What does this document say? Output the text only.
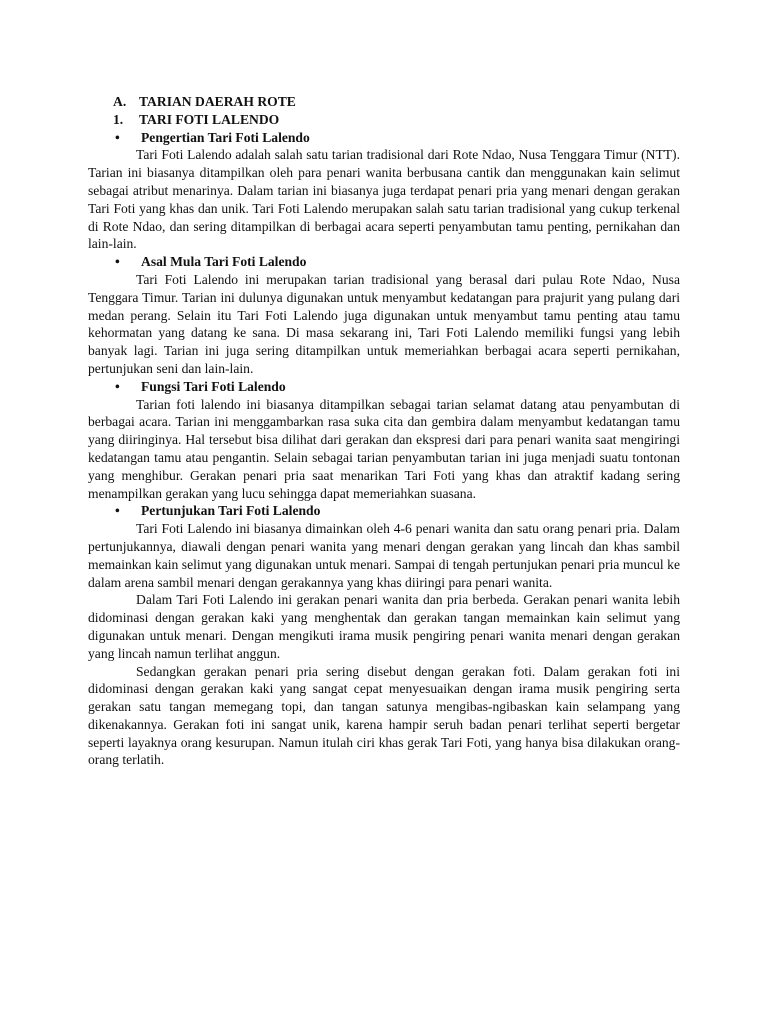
A. TARIAN DAERAH ROTE
1.	TARI FOTI LALENDO
•	Pengertian Tari Foti Lalendo

Tari Foti Lalendo adalah salah satu tarian tradisional dari Rote Ndao, Nusa Tenggara Timur (NTT). Tarian ini biasanya ditampilkan oleh para penari wanita berbusana cantik dan menggunakan kain selimut sebagai atribut menarinya. Dalam tarian ini biasanya juga terdapat penari pria yang menari dengan gerakan Tari Foti yang khas dan unik. Tari Foti Lalendo merupakan salah satu tarian tradisional yang cukup terkenal di Rote Ndao, dan sering ditampilkan di berbagai acara seperti penyambutan tamu penting, pernikahan dan lain-lain.

•	Asal Mula Tari Foti Lalendo

Tari Foti Lalendo ini merupakan tarian tradisional yang berasal dari pulau Rote Ndao, Nusa Tenggara Timur. Tarian ini dulunya digunakan untuk menyambut kedatangan para prajurit yang pulang dari medan perang. Selain itu Tari Foti Lalendo juga digunakan untuk menyambut tamu penting atau tamu kehormatan yang datang ke sana. Di masa sekarang ini, Tari Foti Lalendo memiliki fungsi yang lebih banyak lagi. Tarian ini juga sering ditampilkan untuk memeriahkan berbagai acara seperti pernikahan, pertunjukan seni dan lain-lain.

•	Fungsi Tari Foti Lalendo

Tarian foti lalendo ini biasanya ditampilkan sebagai tarian selamat datang atau penyambutan di berbagai acara. Tarian ini menggambarkan rasa suka cita dan gembira dalam menyambut kedatangan tamu yang diiringinya. Hal tersebut bisa dilihat dari gerakan dan ekspresi dari para penari wanita saat mengiringi kedatangan tamu atau pengantin. Selain sebagai tarian penyambutan tarian ini juga menjadi suatu tontonan yang menghibur. Gerakan penari pria saat menarikan Tari Foti yang khas dan atraktif kadang sering menampilkan gerakan yang lucu sehingga dapat memeriahkan suasana.

•	Pertunjukan Tari Foti Lalendo

Tari Foti Lalendo ini biasanya dimainkan oleh 4-6 penari wanita dan satu orang penari pria. Dalam pertunjukannya, diawali dengan penari wanita yang menari dengan gerakan yang lincah dan khas sambil memainkan kain selimut yang digunakan untuk menari. Sampai di tengah pertunjukan penari pria muncul ke dalam arena sambil menari dengan gerakannya yang khas diiringi para penari wanita.

Dalam Tari Foti Lalendo ini gerakan penari wanita dan pria berbeda. Gerakan penari wanita lebih didominasi dengan gerakan kaki yang menghentak dan gerakan tangan memainkan kain selimut yang digunakan untuk menari. Dengan mengikuti irama musik pengiring penari wanita menari dengan gerakan yang lincah namun terlihat anggun.

Sedangkan gerakan penari pria sering disebut dengan gerakan foti. Dalam gerakan foti ini didominasi dengan gerakan kaki yang sangat cepat menyesuaikan dengan irama musik pengiring serta gerakan satu tangan memegang topi, dan tangan satunya mengibas-ngibaskan kain selampang yang dikenakannya. Gerakan foti ini sangat unik, karena hampir seruh badan penari terlihat seperti bergetar seperti layaknya orang kesurupan. Namun itulah ciri khas gerak Tari Foti, yang hanya bisa dilakukan orang-orang terlatih.
